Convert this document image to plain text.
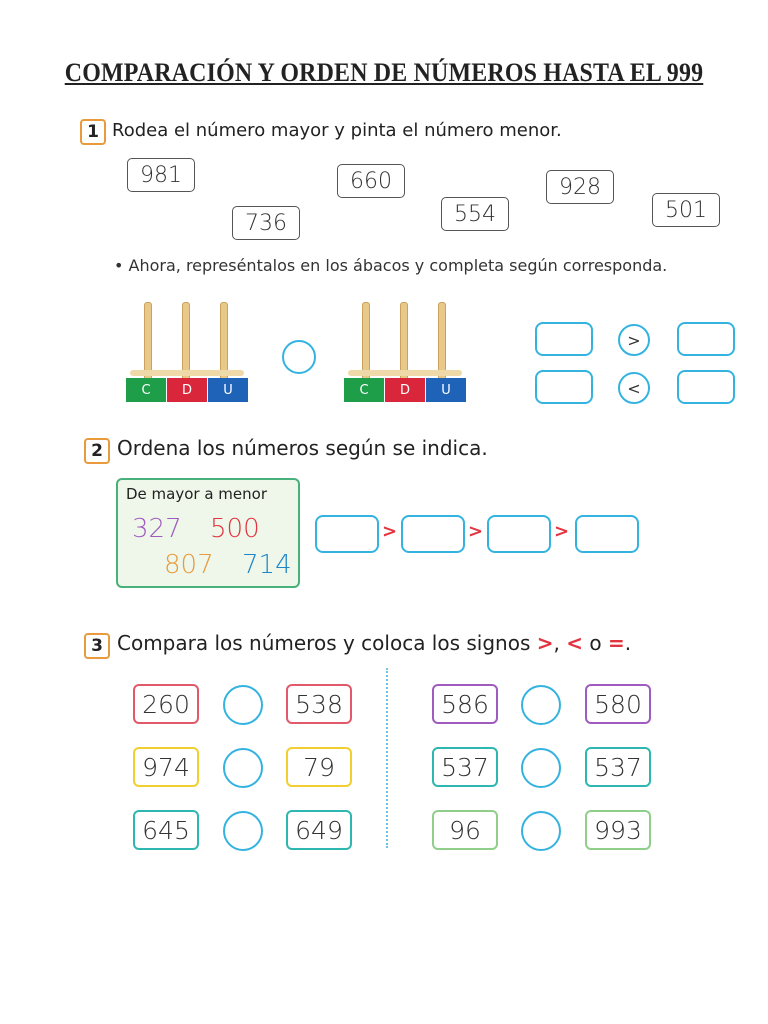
COMPARACIÓN Y ORDEN DE NÚMEROS HASTA EL 999
1 Rodea el número mayor y pinta el número menor.
981	660	928
736	554	501
• Ahora, represéntalos en los ábacos y completa según corresponda.
C	D	U	C	D	U
>
<
2 Ordena los números según se indica.
De mayor a menor
327 500
807 714
>	>	>
3 Compara los números y coloca los signos >, < o =.
260	538
974	79
645	649
586	580
537	537
96	993
